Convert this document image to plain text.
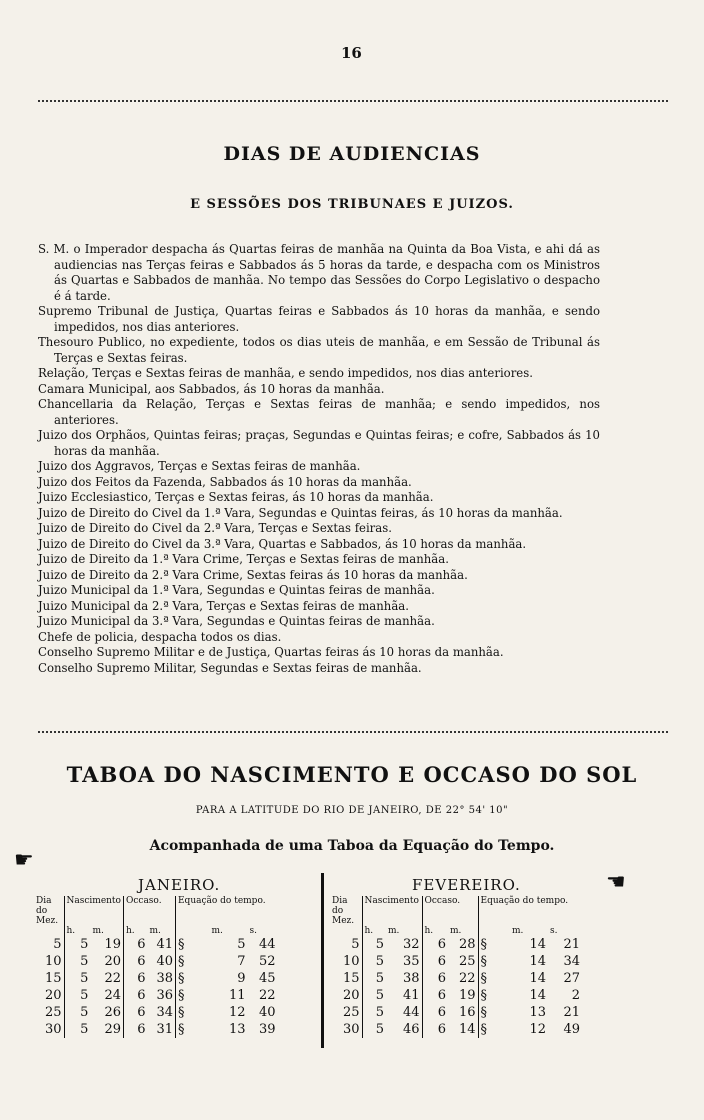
16
DIAS DE AUDIENCIAS
E SESSÕES DOS TRIBUNAES E JUIZOS.
S. M. o Imperador despacha ás Quartas feiras de manhãa na Quinta da Boa Vista, e ahi dá as audiencias nas Terças feiras e Sabbados ás 5 horas da tarde, e despacha com os Ministros ás Quartas e Sabbados de manhãa. No tempo das Sessões do Corpo Legislativo o despacho é á tarde.
Supremo Tribunal de Justiça, Quartas feiras e Sabbados ás 10 horas da manhãa, e sendo impedidos, nos dias anteriores.
Thesouro Publico, no expediente, todos os dias uteis de manhãa, e em Sessão de Tribunal ás Terças e Sextas feiras.
Relação, Terças e Sextas feiras de manhãa, e sendo impedidos, nos dias anteriores.
Camara Municipal, aos Sabbados, ás 10 horas da manhãa.
Chancellaria da Relação, Terças e Sextas feiras de manhãa; e sendo impedidos, nos anteriores.
Juizo dos Orphãos, Quintas feiras; praças, Segundas e Quintas feiras; e cofre, Sabbados ás 10 horas da manhãa.
Juizo dos Aggravos, Terças e Sextas feiras de manhãa.
Juizo dos Feitos da Fazenda, Sabbados ás 10 horas da manhãa.
Juizo Ecclesiastico, Terças e Sextas feiras, ás 10 horas da manhãa.
Juizo de Direito do Civel da 1.ª Vara, Segundas e Quintas feiras, ás 10 horas da manhãa.
Juizo de Direito do Civel da 2.ª Vara, Terças e Sextas feiras.
Juizo de Direito do Civel da 3.ª Vara, Quartas e Sabbados, ás 10 horas da manhãa.
Juizo de Direito da 1.ª Vara Crime, Terças e Sextas feiras de manhãa.
Juizo de Direito da 2.ª Vara Crime, Sextas feiras ás 10 horas da manhãa.
Juizo Municipal da 1.ª Vara, Segundas e Quintas feiras de manhãa.
Juizo Municipal da 2.ª Vara, Terças e Sextas feiras de manhãa.
Juizo Municipal da 3.ª Vara, Segundas e Quintas feiras de manhãa.
Chefe de policia, despacha todos os dias.
Conselho Supremo Militar e de Justiça, Quartas feiras ás 10 horas da manhãa.
Conselho Supremo Militar, Segundas e Sextas feiras de manhãa.
TABOA DO NASCIMENTO E OCCASO DO SOL
PARA A LATITUDE DO RIO DE JANEIRO, DE 22° 54' 10"
Acompanhada de uma Taboa da Equação do Tempo.
☛
☚
JANEIRO.	FEVEREIRO.
Dia do Mez.	Nascimento		Occaso.		Equação do tempo.		
	h.	m.	h.	m.		m.	s.
5	5	19	6	41	§	5	44
10	5	20	6	40	§	7	52
15	5	22	6	38	§	9	45
20	5	24	6	36	§	11	22
25	5	26	6	34	§	12	40
30	5	29	6	31	§	13	39
Dia do Mez.	Nascimento		Occaso.		Equação do tempo.		
	h.	m.	h.	m.		m.	s.
5	5	32	6	28	§	14	21
10	5	35	6	25	§	14	34
15	5	38	6	22	§	14	27
20	5	41	6	19	§	14	2
25	5	44	6	16	§	13	21
30	5	46	6	14	§	12	49
